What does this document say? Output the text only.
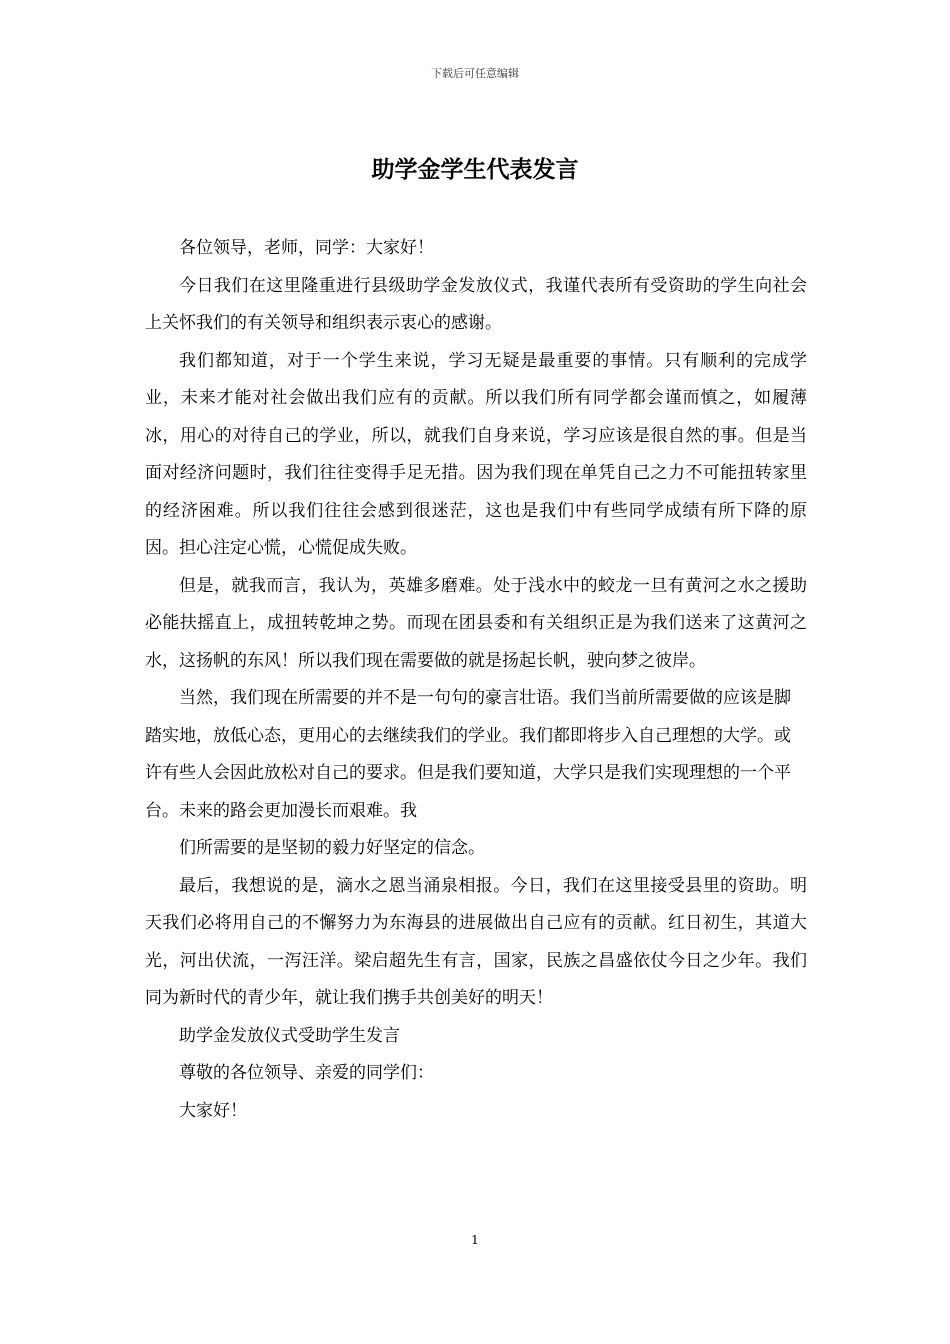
下载后可任意编辑
助学金学生代表发言

各位领导，老师，同学：大家好！

今日我们在这里隆重进行县级助学金发放仪式，我谨代表所有受资助的学生向社会上关怀我们的有关领导和组织表示衷心的感谢。

我们都知道，对于一个学生来说，学习无疑是最重要的事情。只有顺利的完成学业，未来才能对社会做出我们应有的贡献。所以我们所有同学都会谨而慎之，如履薄冰，用心的对待自己的学业，所以，就我们自身来说，学习应该是很自然的事。但是当面对经济问题时，我们往往变得手足无措。因为我们现在单凭自己之力不可能扭转家里的经济困难。所以我们往往会感到很迷茫，这也是我们中有些同学成绩有所下降的原因。担心注定心慌，心慌促成失败。

但是，就我而言，我认为，英雄多磨难。处于浅水中的蛟龙一旦有黄河之水之援助必能扶摇直上，成扭转乾坤之势。而现在团县委和有关组织正是为我们送来了这黄河之水，这扬帆的东风！所以我们现在需要做的就是扬起长帆，驶向梦之彼岸。

当然，我们现在所需要的并不是一句句的豪言壮语。我们当前所需要做的应该是脚踏实地，放低心态，更用心的去继续我们的学业。我们都即将步入自己理想的大学。或许有些人会因此放松对自己的要求。但是我们要知道，大学只是我们实现理想的一个平台。未来的路会更加漫长而艰难。我

们所需要的是坚韧的毅力好坚定的信念。

最后，我想说的是，滴水之恩当涌泉相报。今日，我们在这里接受县里的资助。明天我们必将用自己的不懈努力为东海县的进展做出自己应有的贡献。红日初生，其道大光，河出伏流，一泻汪洋。梁启超先生有言，国家，民族之昌盛依仗今日之少年。我们同为新时代的青少年，就让我们携手共创美好的明天！

助学金发放仪式受助学生发言

尊敬的各位领导、亲爱的同学们：

大家好！

1
